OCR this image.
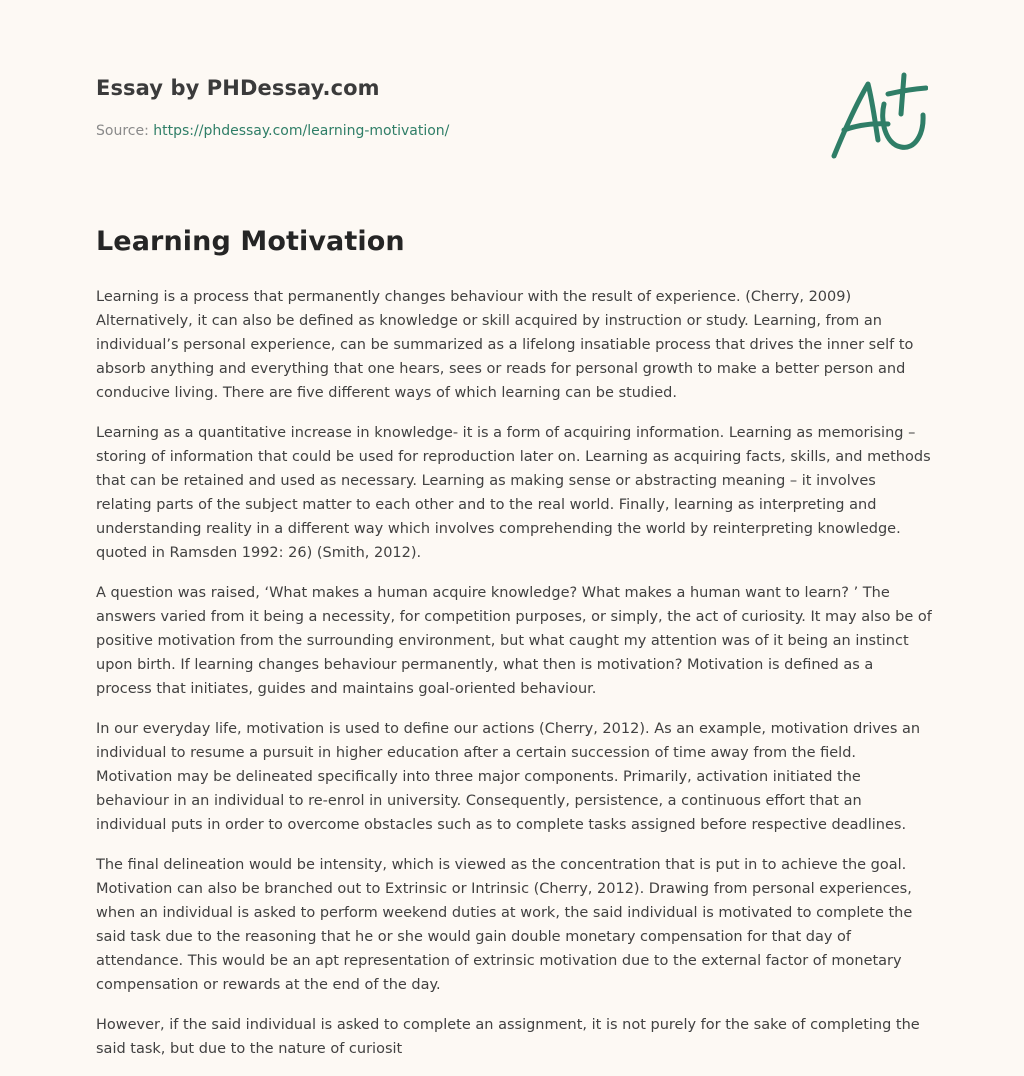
Essay by PHDessay.com
Source: https://phdessay.com/learning-motivation/
Learning Motivation

Learning is a process that permanently changes behaviour with the result of experience. (Cherry, 2009) Alternatively, it can also be defined as knowledge or skill acquired by instruction or study. Learning, from an individual’s personal experience, can be summarized as a lifelong insatiable process that drives the inner self to absorb anything and everything that one hears, sees or reads for personal growth to make a better person and conducive living. There are five different ways of which learning can be studied.

Learning as a quantitative increase in knowledge- it is a form of acquiring information. Learning as memorising – storing of information that could be used for reproduction later on. Learning as acquiring facts, skills, and methods that can be retained and used as necessary. Learning as making sense or abstracting meaning – it involves relating parts of the subject matter to each other and to the real world. Finally, learning as interpreting and understanding reality in a different way which involves comprehending the world by reinterpreting knowledge. quoted in Ramsden 1992: 26) (Smith, 2012).

A question was raised, ‘What makes a human acquire knowledge? What makes a human want to learn? ’ The answers varied from it being a necessity, for competition purposes, or simply, the act of curiosity. It may also be of positive motivation from the surrounding environment, but what caught my attention was of it being an instinct upon birth. If learning changes behaviour permanently, what then is motivation? Motivation is defined as a process that initiates, guides and maintains goal-oriented behaviour.

In our everyday life, motivation is used to define our actions (Cherry, 2012). As an example, motivation drives an individual to resume a pursuit in higher education after a certain succession of time away from the field. Motivation may be delineated specifically into three major components. Primarily, activation initiated the behaviour in an individual to re-enrol in university. Consequently, persistence, a continuous effort that an individual puts in order to overcome obstacles such as to complete tasks assigned before respective deadlines.

The final delineation would be intensity, which is viewed as the concentration that is put in to achieve the goal. Motivation can also be branched out to Extrinsic or Intrinsic (Cherry, 2012). Drawing from personal experiences, when an individual is asked to perform weekend duties at work, the said individual is motivated to complete the said task due to the reasoning that he or she would gain double monetary compensation for that day of attendance. This would be an apt representation of extrinsic motivation due to the external factor of monetary compensation or rewards at the end of the day.

However, if the said individual is asked to complete an assignment, it is not purely for the sake of completing the said task, but due to the nature of curiosit
